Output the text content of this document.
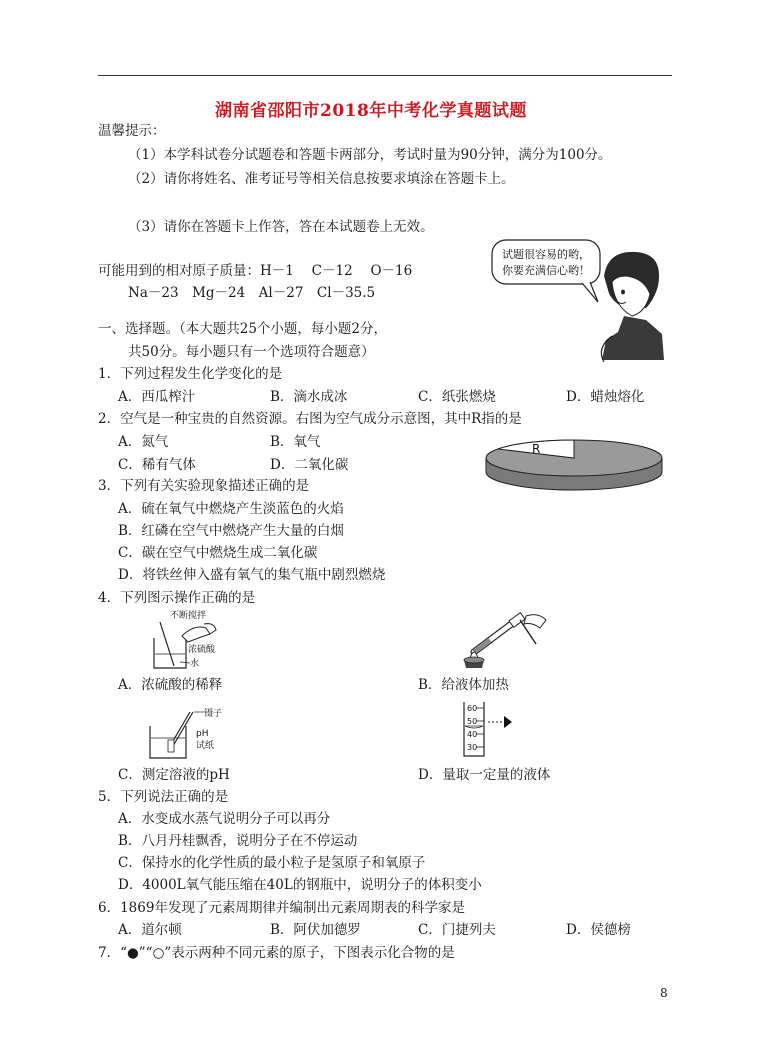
湖南省邵阳市2018年中考化学真题试题
温馨提示：
（1）本学科试卷分试题卷和答题卡两部分，考试时量为90分钟，满分为100分。
（2）请你将姓名、准考证号等相关信息按要求填涂在答题卡上。
（3）请你在答题卡上作答，答在本试题卷上无效。
可能用到的相对原子质量：H－1　 C－12　 O－16
Na－23　Mg－24　Al－27　Cl－35.5
试题很容易的哟，
你要充满信心哟！
一、选择题。（本大题共25个小题，每小题2分，
共50分。每小题只有一个选项符合题意）
1．下列过程发生化学变化的是
A．西瓜榨汁	B．滴水成冰	C．纸张燃烧	D．蜡烛熔化
2．空气是一种宝贵的自然资源。右图为空气成分示意图，其中R指的是
A．氮气	B．氧气
C．稀有气体	D．二氧化碳
R
3．下列有关实验现象描述正确的是
A．硫在氧气中燃烧产生淡蓝色的火焰
B．红磷在空气中燃烧产生大量的白烟
C．碳在空气中燃烧生成二氧化碳
D．将铁丝伸入盛有氧气的集气瓶中剧烈燃烧
4．下列图示操作正确的是
不断搅拌
浓硫酸
水
A．浓硫酸的稀释	B．给液体加热
镊子
pH
试纸
C．测定溶液的pH
60
50
40
30
D．量取一定量的液体
5．下列说法正确的是
A．水变成水蒸气说明分子可以再分
B．八月丹桂飘香，说明分子在不停运动
C．保持水的化学性质的最小粒子是氢原子和氧原子
D．4000L氧气能压缩在40L的钢瓶中，说明分子的体积变小
6．1869年发现了元素周期律并编制出元素周期表的科学家是
A．道尔顿	B．阿伏加德罗	C．门捷列夫	D．侯德榜
7．“●”“○”表示两种不同元素的原子，下图表示化合物的是
8
